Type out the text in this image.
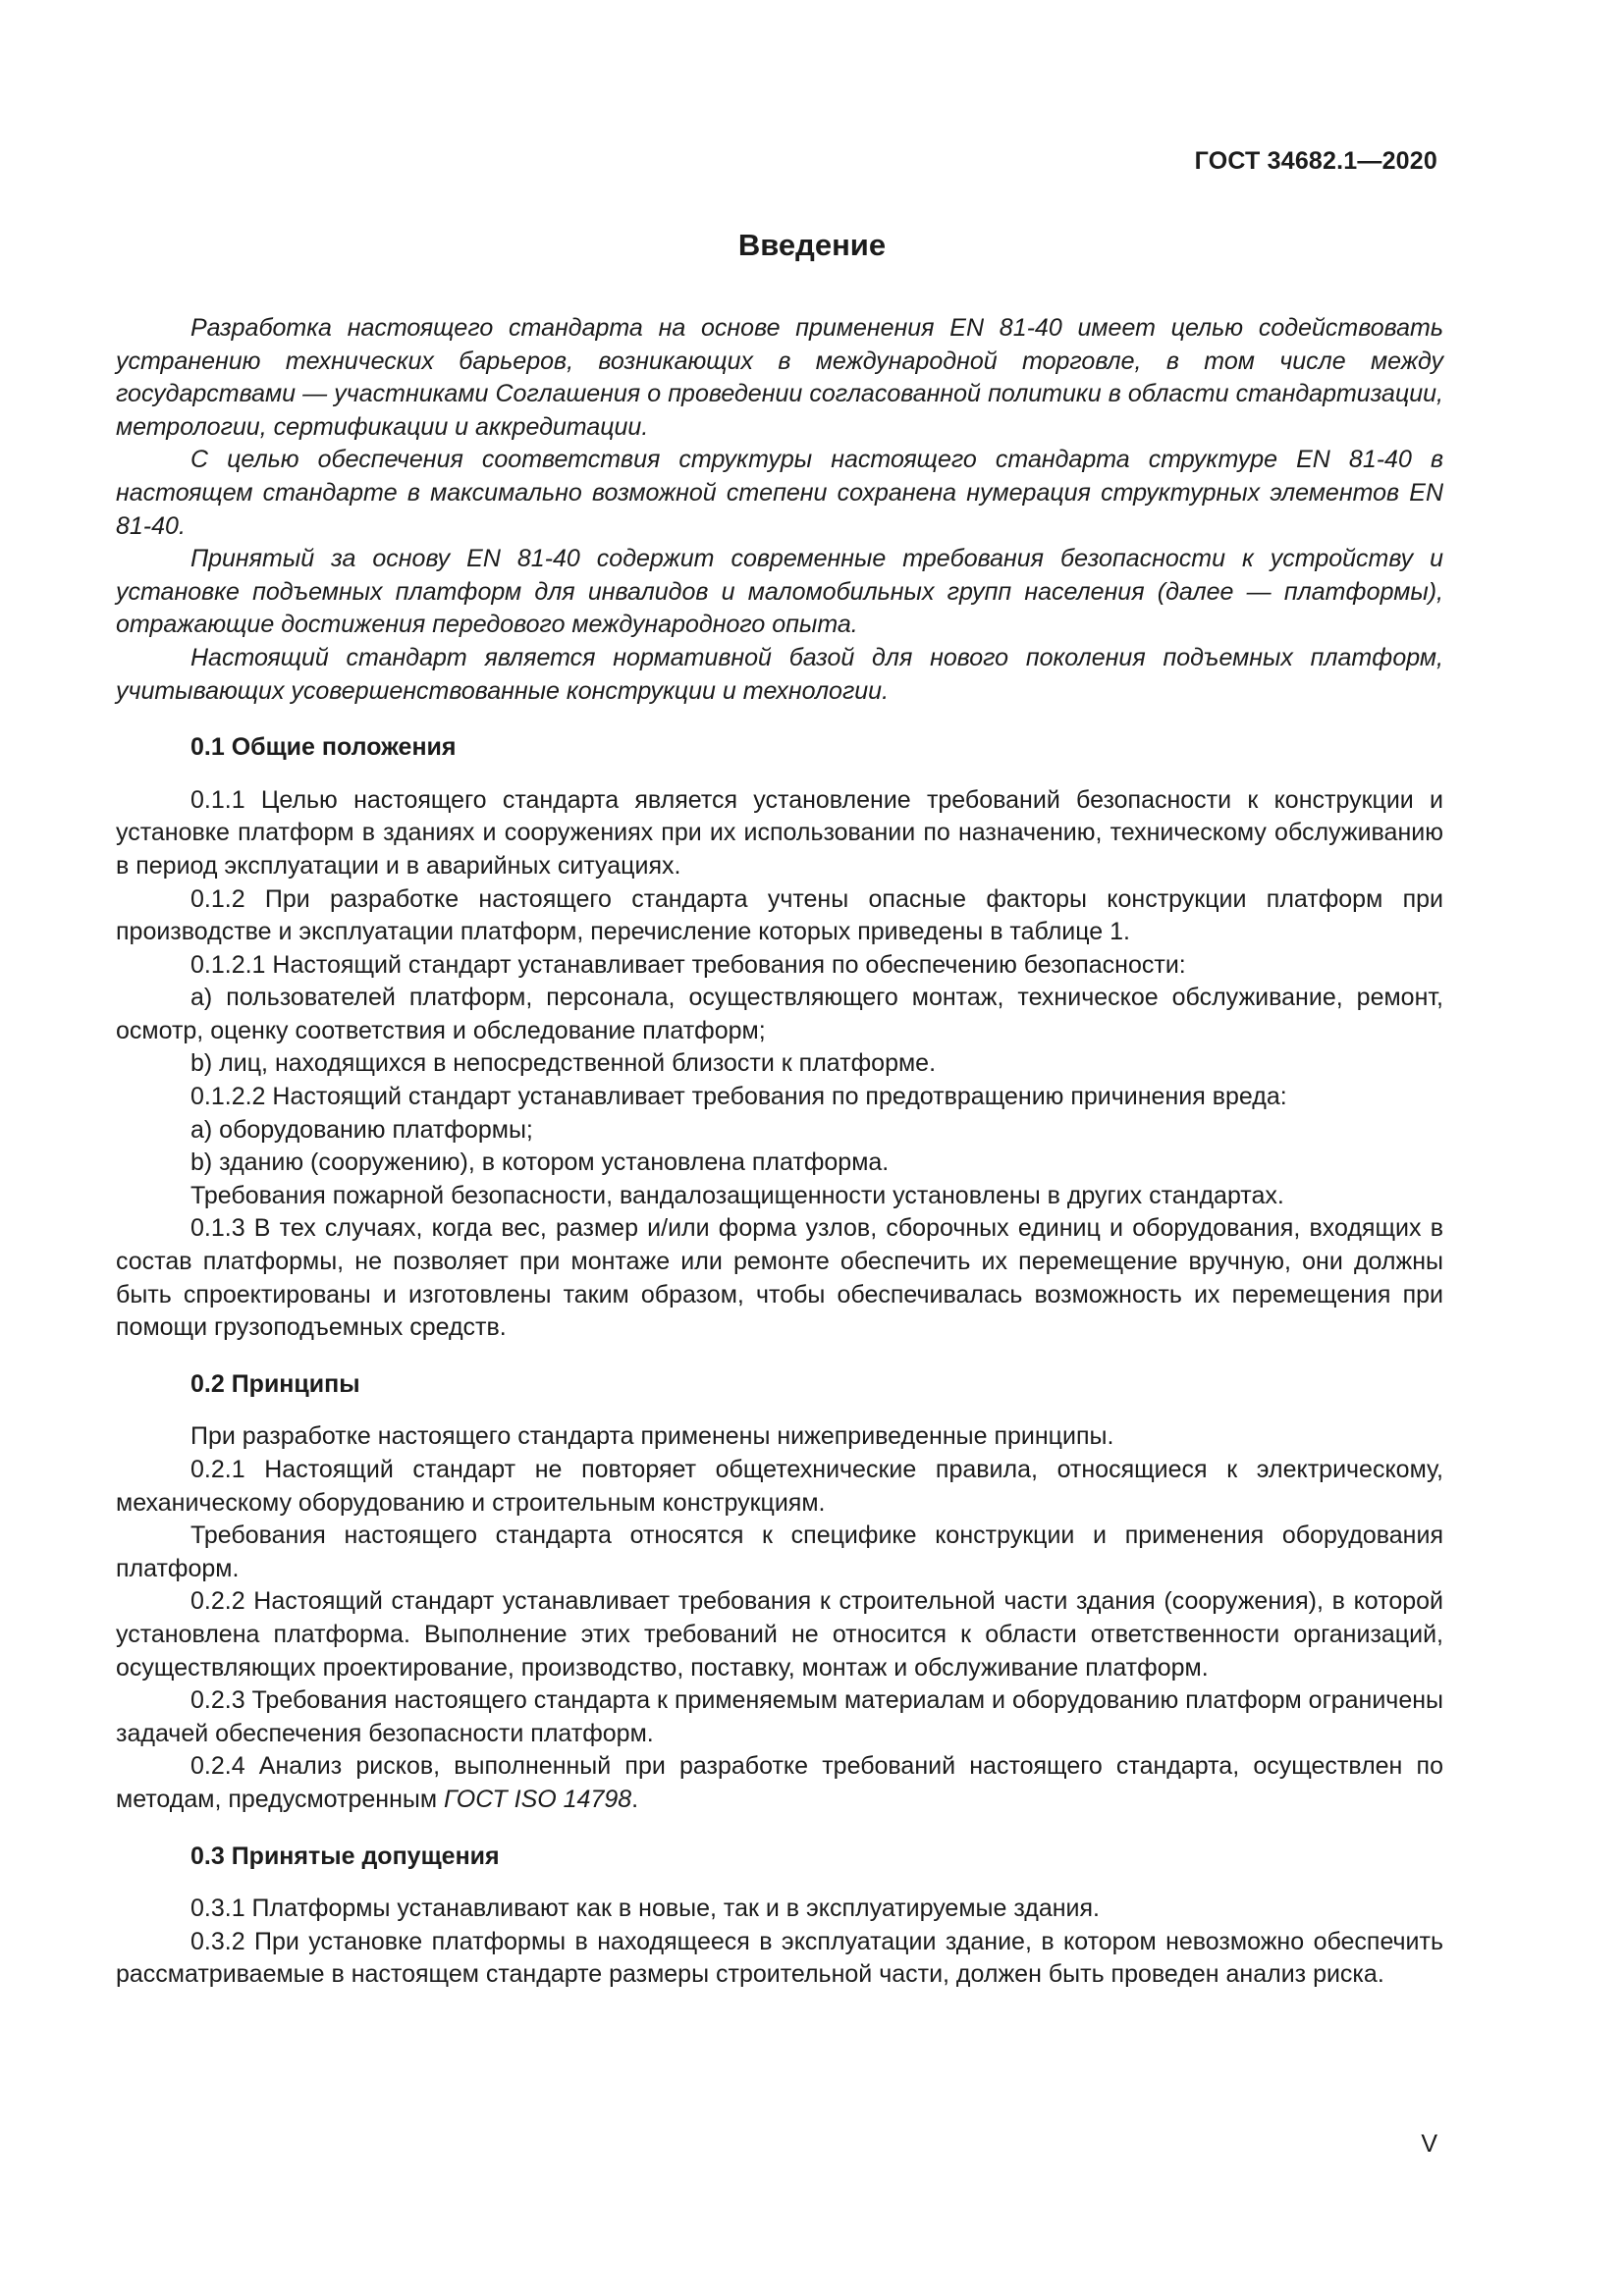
ГОСТ 34682.1—2020
Введение

Разработка настоящего стандарта на основе применения EN 81-40 имеет целью содействовать устранению технических барьеров, возникающих в международной торговле, в том числе между государствами — участниками Соглашения о проведении согласованной политики в области стандартизации, метрологии, сертификации и аккредитации.

С целью обеспечения соответствия структуры настоящего стандарта структуре EN 81-40 в настоящем стандарте в максимально возможной степени сохранена нумерация структурных элементов EN 81-40.

Принятый за основу EN 81-40 содержит современные требования безопасности к устройству и установке подъемных платформ для инвалидов и маломобильных групп населения (далее — платформы), отражающие достижения передового международного опыта.

Настоящий стандарт является нормативной базой для нового поколения подъемных платформ, учитывающих усовершенствованные конструкции и технологии.

0.1 Общие положения

0.1.1 Целью настоящего стандарта является установление требований безопасности к конструкции и установке платформ в зданиях и сооружениях при их использовании по назначению, техническому обслуживанию в период эксплуатации и в аварийных ситуациях.

0.1.2 При разработке настоящего стандарта учтены опасные факторы конструкции платформ при производстве и эксплуатации платформ, перечисление которых приведены в таблице 1.

0.1.2.1 Настоящий стандарт устанавливает требования по обеспечению безопасности:

a) пользователей платформ, персонала, осуществляющего монтаж, техническое обслуживание, ремонт, осмотр, оценку соответствия и обследование платформ;

b) лиц, находящихся в непосредственной близости к платформе.

0.1.2.2 Настоящий стандарт устанавливает требования по предотвращению причинения вреда:

a) оборудованию платформы;

b) зданию (сооружению), в котором установлена платформа.

Требования пожарной безопасности, вандалозащищенности установлены в других стандартах.

0.1.3 В тех случаях, когда вес, размер и/или форма узлов, сборочных единиц и оборудования, входящих в состав платформы, не позволяет при монтаже или ремонте обеспечить их перемещение вручную, они должны быть спроектированы и изготовлены таким образом, чтобы обеспечивалась возможность их перемещения при помощи грузоподъемных средств.

0.2 Принципы

При разработке настоящего стандарта применены нижеприведенные принципы.

0.2.1 Настоящий стандарт не повторяет общетехнические правила, относящиеся к электрическому, механическому оборудованию и строительным конструкциям.

Требования настоящего стандарта относятся к специфике конструкции и применения оборудования платформ.

0.2.2 Настоящий стандарт устанавливает требования к строительной части здания (сооружения), в которой установлена платформа. Выполнение этих требований не относится к области ответственности организаций, осуществляющих проектирование, производство, поставку, монтаж и обслуживание платформ.

0.2.3 Требования настоящего стандарта к применяемым материалам и оборудованию платформ ограничены задачей обеспечения безопасности платформ.

0.2.4 Анализ рисков, выполненный при разработке требований настоящего стандарта, осуществлен по методам, предусмотренным ГОСТ ISO 14798.

0.3 Принятые допущения

0.3.1 Платформы устанавливают как в новые, так и в эксплуатируемые здания.

0.3.2 При установке платформы в находящееся в эксплуатации здание, в котором невозможно обеспечить рассматриваемые в настоящем стандарте размеры строительной части, должен быть проведен анализ риска.

V
